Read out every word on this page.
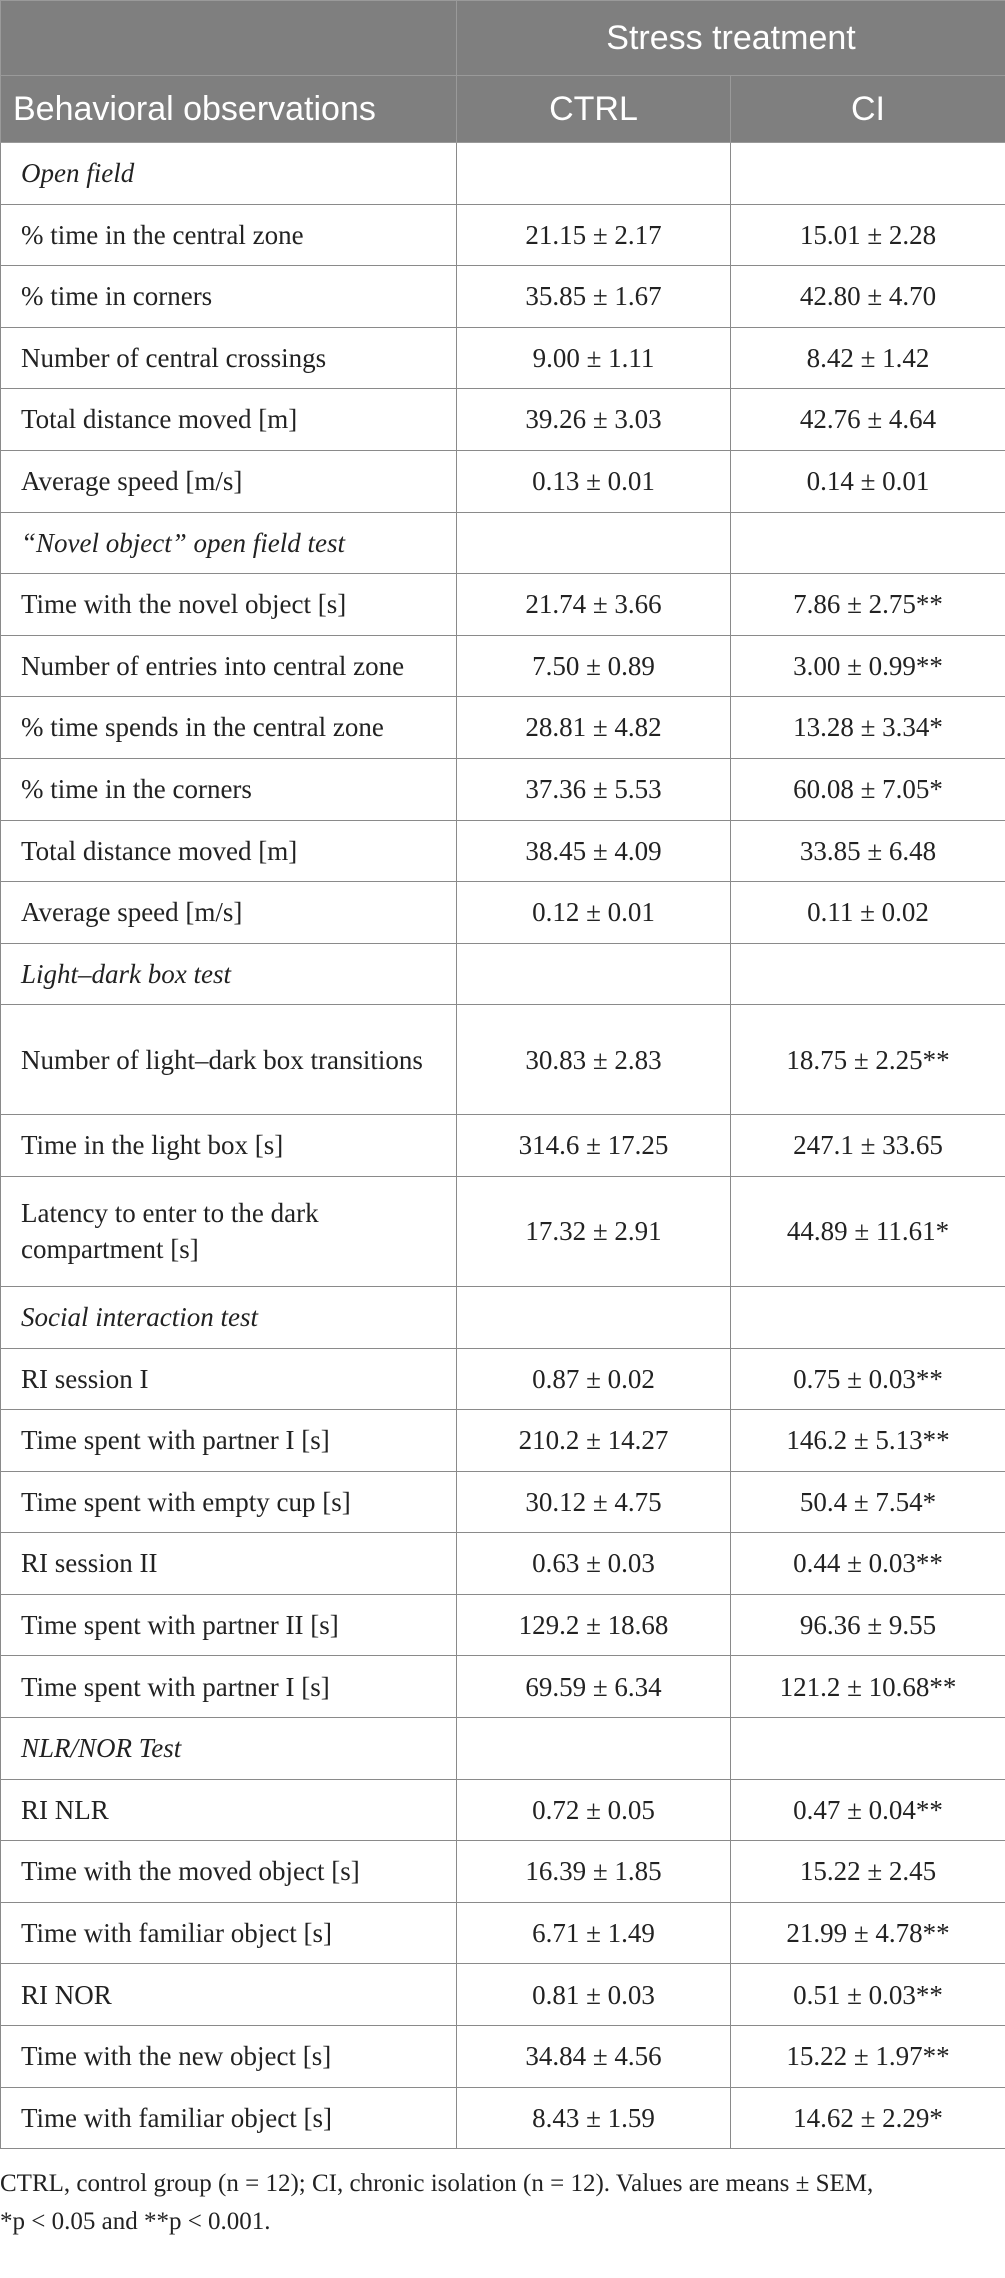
	Stress treatment	
Behavioral observations	CTRL	CI
Open field		
% time in the central zone	21.15 ± 2.17	15.01 ± 2.28
% time in corners	35.85 ± 1.67	42.80 ± 4.70
Number of central crossings	9.00 ± 1.11	8.42 ± 1.42
Total distance moved [m]	39.26 ± 3.03	42.76 ± 4.64
Average speed [m/s]	0.13 ± 0.01	0.14 ± 0.01
“Novel object” open field test		
Time with the novel object [s]	21.74 ± 3.66	7.86 ± 2.75**
Number of entries into central zone	7.50 ± 0.89	3.00 ± 0.99**
% time spends in the central zone	28.81 ± 4.82	13.28 ± 3.34*
% time in the corners	37.36 ± 5.53	60.08 ± 7.05*
Total distance moved [m]	38.45 ± 4.09	33.85 ± 6.48
Average speed [m/s]	0.12 ± 0.01	0.11 ± 0.02
Light–dark box test		
Number of light–dark box transitions	30.83 ± 2.83	18.75 ± 2.25**
Time in the light box [s]	314.6 ± 17.25	247.1 ± 33.65
Latency to enter to the dark compartment [s]	17.32 ± 2.91	44.89 ± 11.61*
Social interaction test		
RI session I	0.87 ± 0.02	0.75 ± 0.03**
Time spent with partner I [s]	210.2 ± 14.27	146.2 ± 5.13**
Time spent with empty cup [s]	30.12 ± 4.75	50.4 ± 7.54*
RI session II	0.63 ± 0.03	0.44 ± 0.03**
Time spent with partner II [s]	129.2 ± 18.68	96.36 ± 9.55
Time spent with partner I [s]	69.59 ± 6.34	121.2 ± 10.68**
NLR/NOR Test		
RI NLR	0.72 ± 0.05	0.47 ± 0.04**
Time with the moved object [s]	16.39 ± 1.85	15.22 ± 2.45
Time with familiar object [s]	6.71 ± 1.49	21.99 ± 4.78**
RI NOR	0.81 ± 0.03	0.51 ± 0.03**
Time with the new object [s]	34.84 ± 4.56	15.22 ± 1.97**
Time with familiar object [s]	8.43 ± 1.59	14.62 ± 2.29*
CTRL, control group (n = 12); CI, chronic isolation (n = 12). Values are means ± SEM,
*p < 0.05 and **p < 0.001.
